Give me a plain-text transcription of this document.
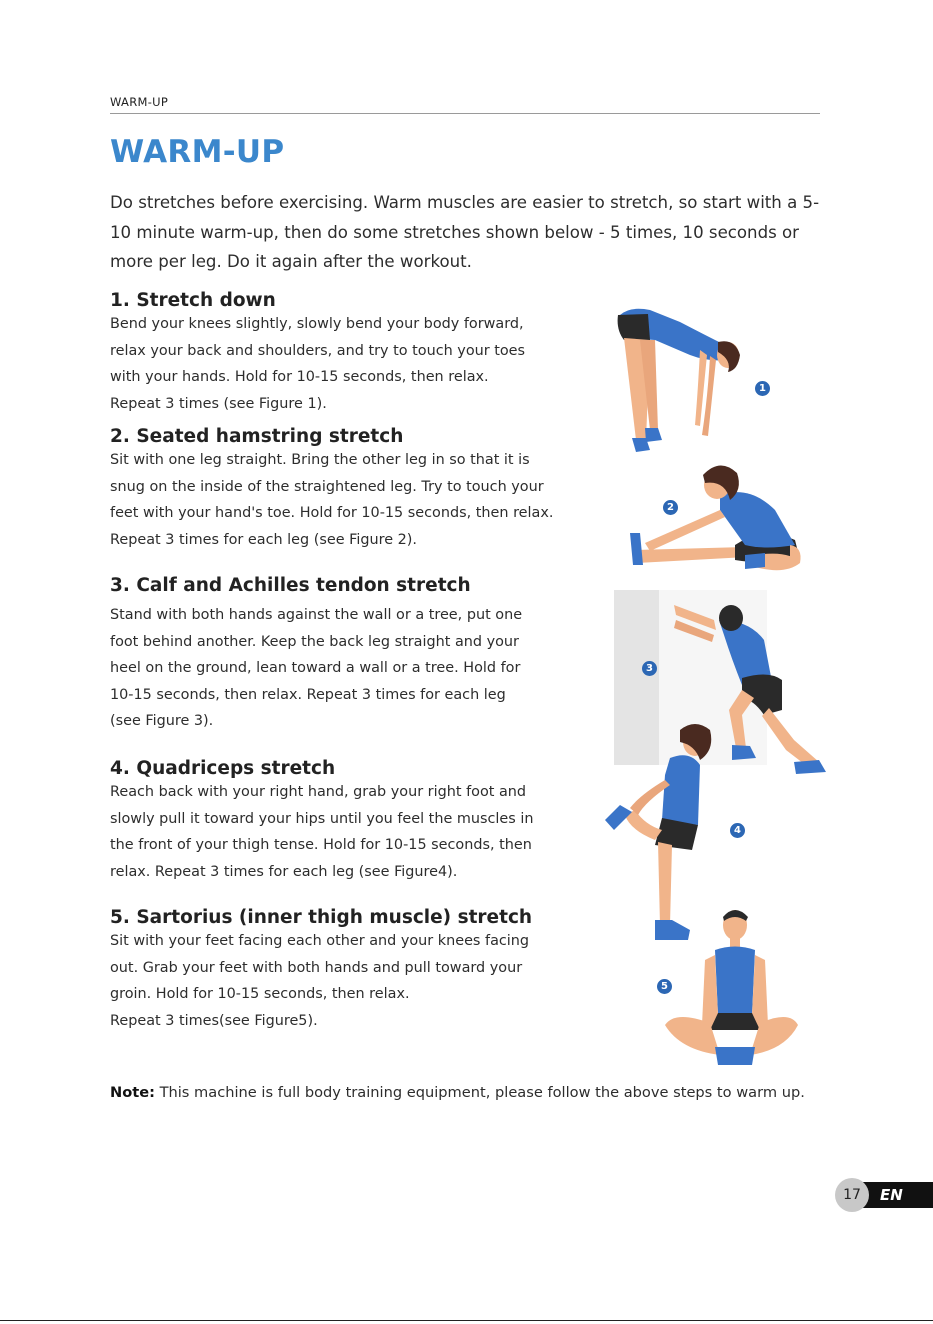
WARM-UP
WARM-UP

Do stretches before exercising. Warm muscles are easier to stretch, so start with a 5-10 minute warm-up, then do some stretches shown below - 5 times, 10 seconds or more per leg. Do it again after the workout.

1. Stretch down

Bend your knees slightly, slowly bend your body forward,

relax your back and shoulders, and try to touch your toes

with your hands. Hold for 10-15 seconds, then relax.

Repeat 3 times (see Figure 1).

2. Seated hamstring stretch

Sit with one leg straight. Bring the other leg in so that it is

snug on the inside of the straightened leg. Try to touch your

feet with your hand's toe. Hold for 10-15 seconds, then relax.

Repeat 3 times for each leg (see Figure 2).

3. Calf and Achilles tendon stretch

Stand with both hands against the wall or a tree, put one

foot behind another. Keep the back leg straight and your

heel on the ground, lean toward a wall or a tree. Hold for

10-15 seconds, then relax. Repeat 3 times for each leg

(see Figure 3).

4. Quadriceps stretch

Reach back with your right hand, grab your right foot and

slowly pull it toward your hips until you feel the muscles in

the front of your thigh tense. Hold for 10-15 seconds, then

relax. Repeat 3 times for each leg (see Figure4).

5. Sartorius (inner thigh muscle) stretch

Sit with your feet facing each other and your knees facing

out. Grab your feet with both hands and pull toward your

groin. Hold for 10-15 seconds, then relax.

Repeat 3 times(see Figure5).

1
2
3
4
5
Note: This machine is full body training equipment, please follow the above steps to warm up.
EN
17
